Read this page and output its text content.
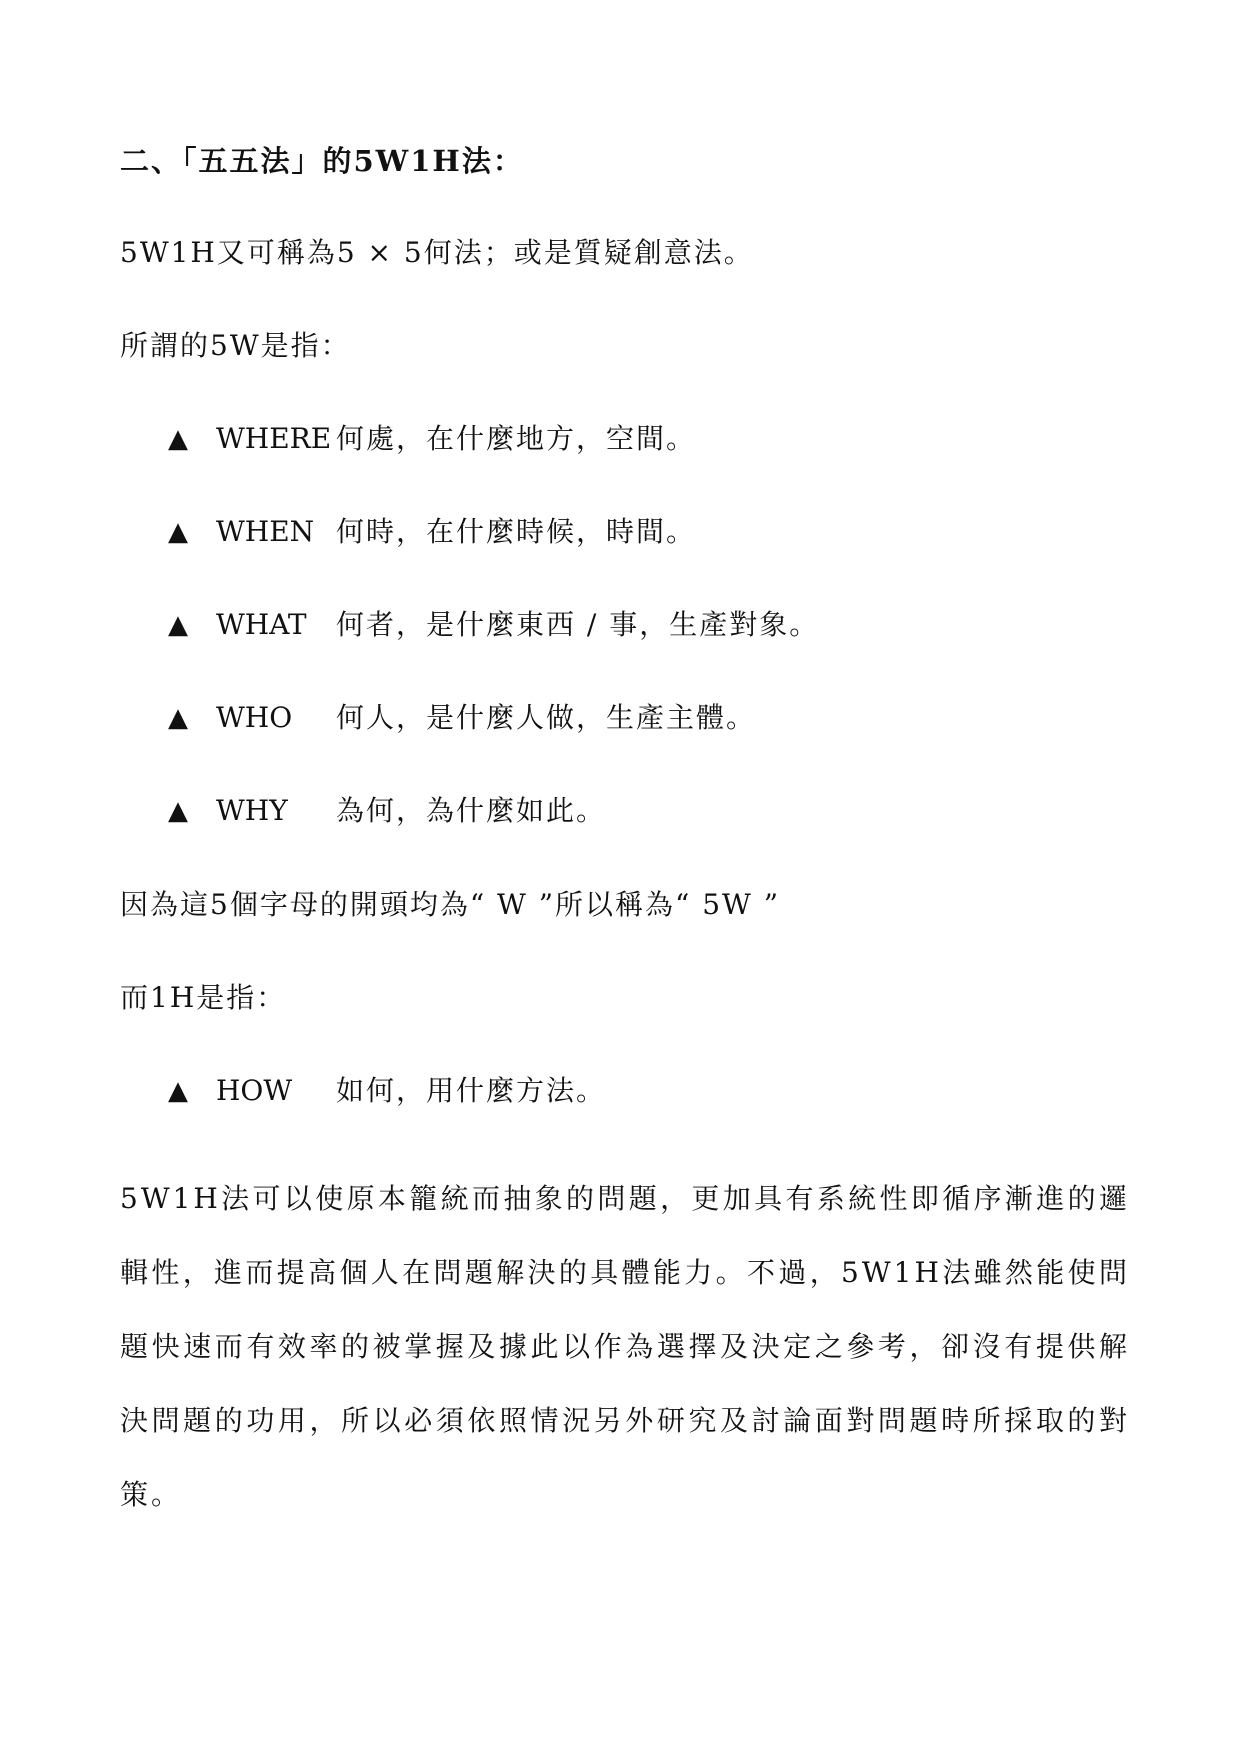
二、「五五法」的5W1H法：
5W1H又可稱為5 × 5何法；或是質疑創意法。
所謂的5W是指：
▲ WHERE 何處，在什麼地方，空間。
▲ WHEN 何時，在什麼時候，時間。
▲ WHAT 何者，是什麼東西 / 事，生產對象。
▲ WHO 何人，是什麼人做，生產主體。
▲ WHY 為何，為什麼如此。
因為這5個字母的開頭均為“ W ”所以稱為“ 5W ”
而1H是指：
▲ HOW 如何，用什麼方法。
5W1H法可以使原本籠統而抽象的問題，更加具有系統性即循序漸進的邏輯性，進而提高個人在問題解決的具體能力。不過，5W1H法雖然能使問題快速而有效率的被掌握及據此以作為選擇及決定之參考，卻沒有提供解決問題的功用，所以必須依照情況另外研究及討論面對問題時所採取的對策。
